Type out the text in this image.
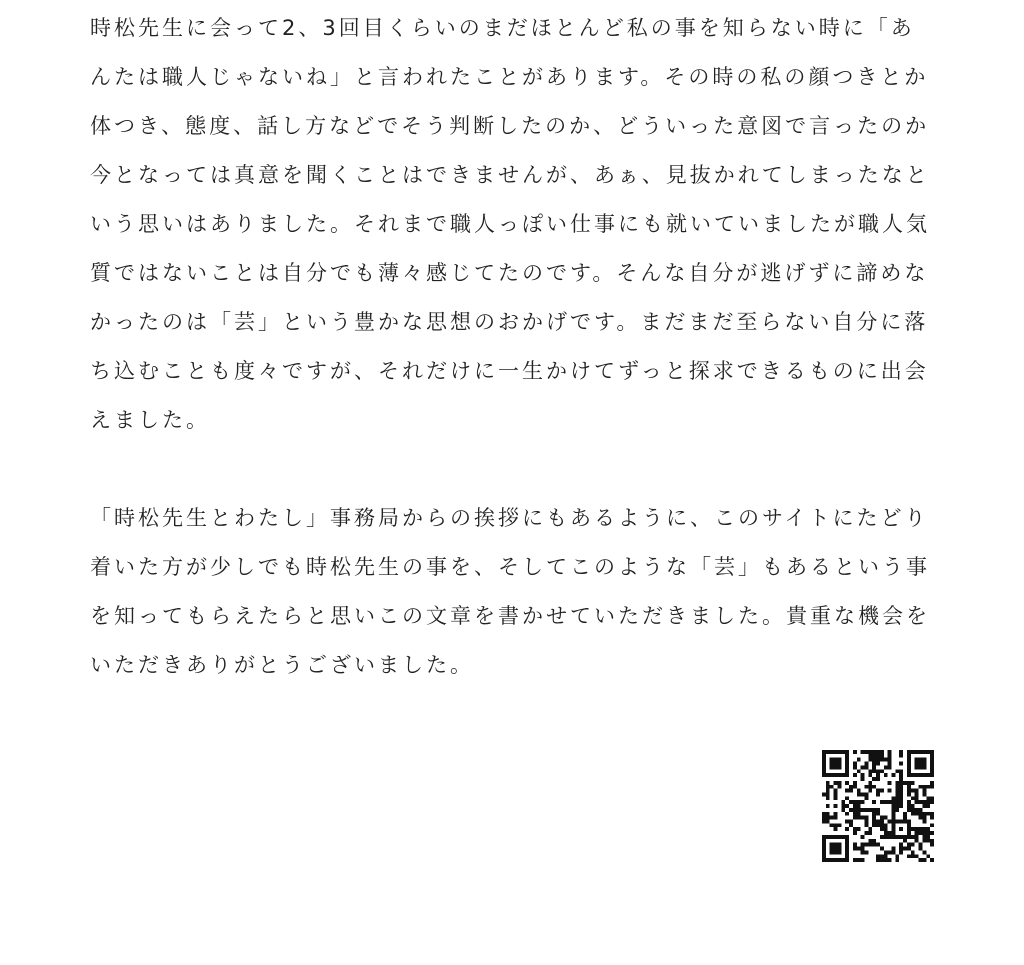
時松先生に会って2、3回目くらいのまだほとんど私の事を知らない時に「あ
んたは職人じゃないね」と言われたことがあります。その時の私の顔つきとか
体つき、態度、話し方などでそう判断したのか、どういった意図で言ったのか
今となっては真意を聞くことはできませんが、あぁ、見抜かれてしまったなと
いう思いはありました。それまで職人っぽい仕事にも就いていましたが職人気
質ではないことは自分でも薄々感じてたのです。そんな自分が逃げずに諦めな
かったのは「芸」という豊かな思想のおかげです。まだまだ至らない自分に落
ち込むことも度々ですが、それだけに一生かけてずっと探求できるものに出会
えました。

「時松先生とわたし」事務局からの挨拶にもあるように、このサイトにたどり
着いた方が少しでも時松先生の事を、そしてこのような「芸」もあるという事
を知ってもらえたらと思いこの文章を書かせていただきました。貴重な機会を
いただきありがとうございました。
